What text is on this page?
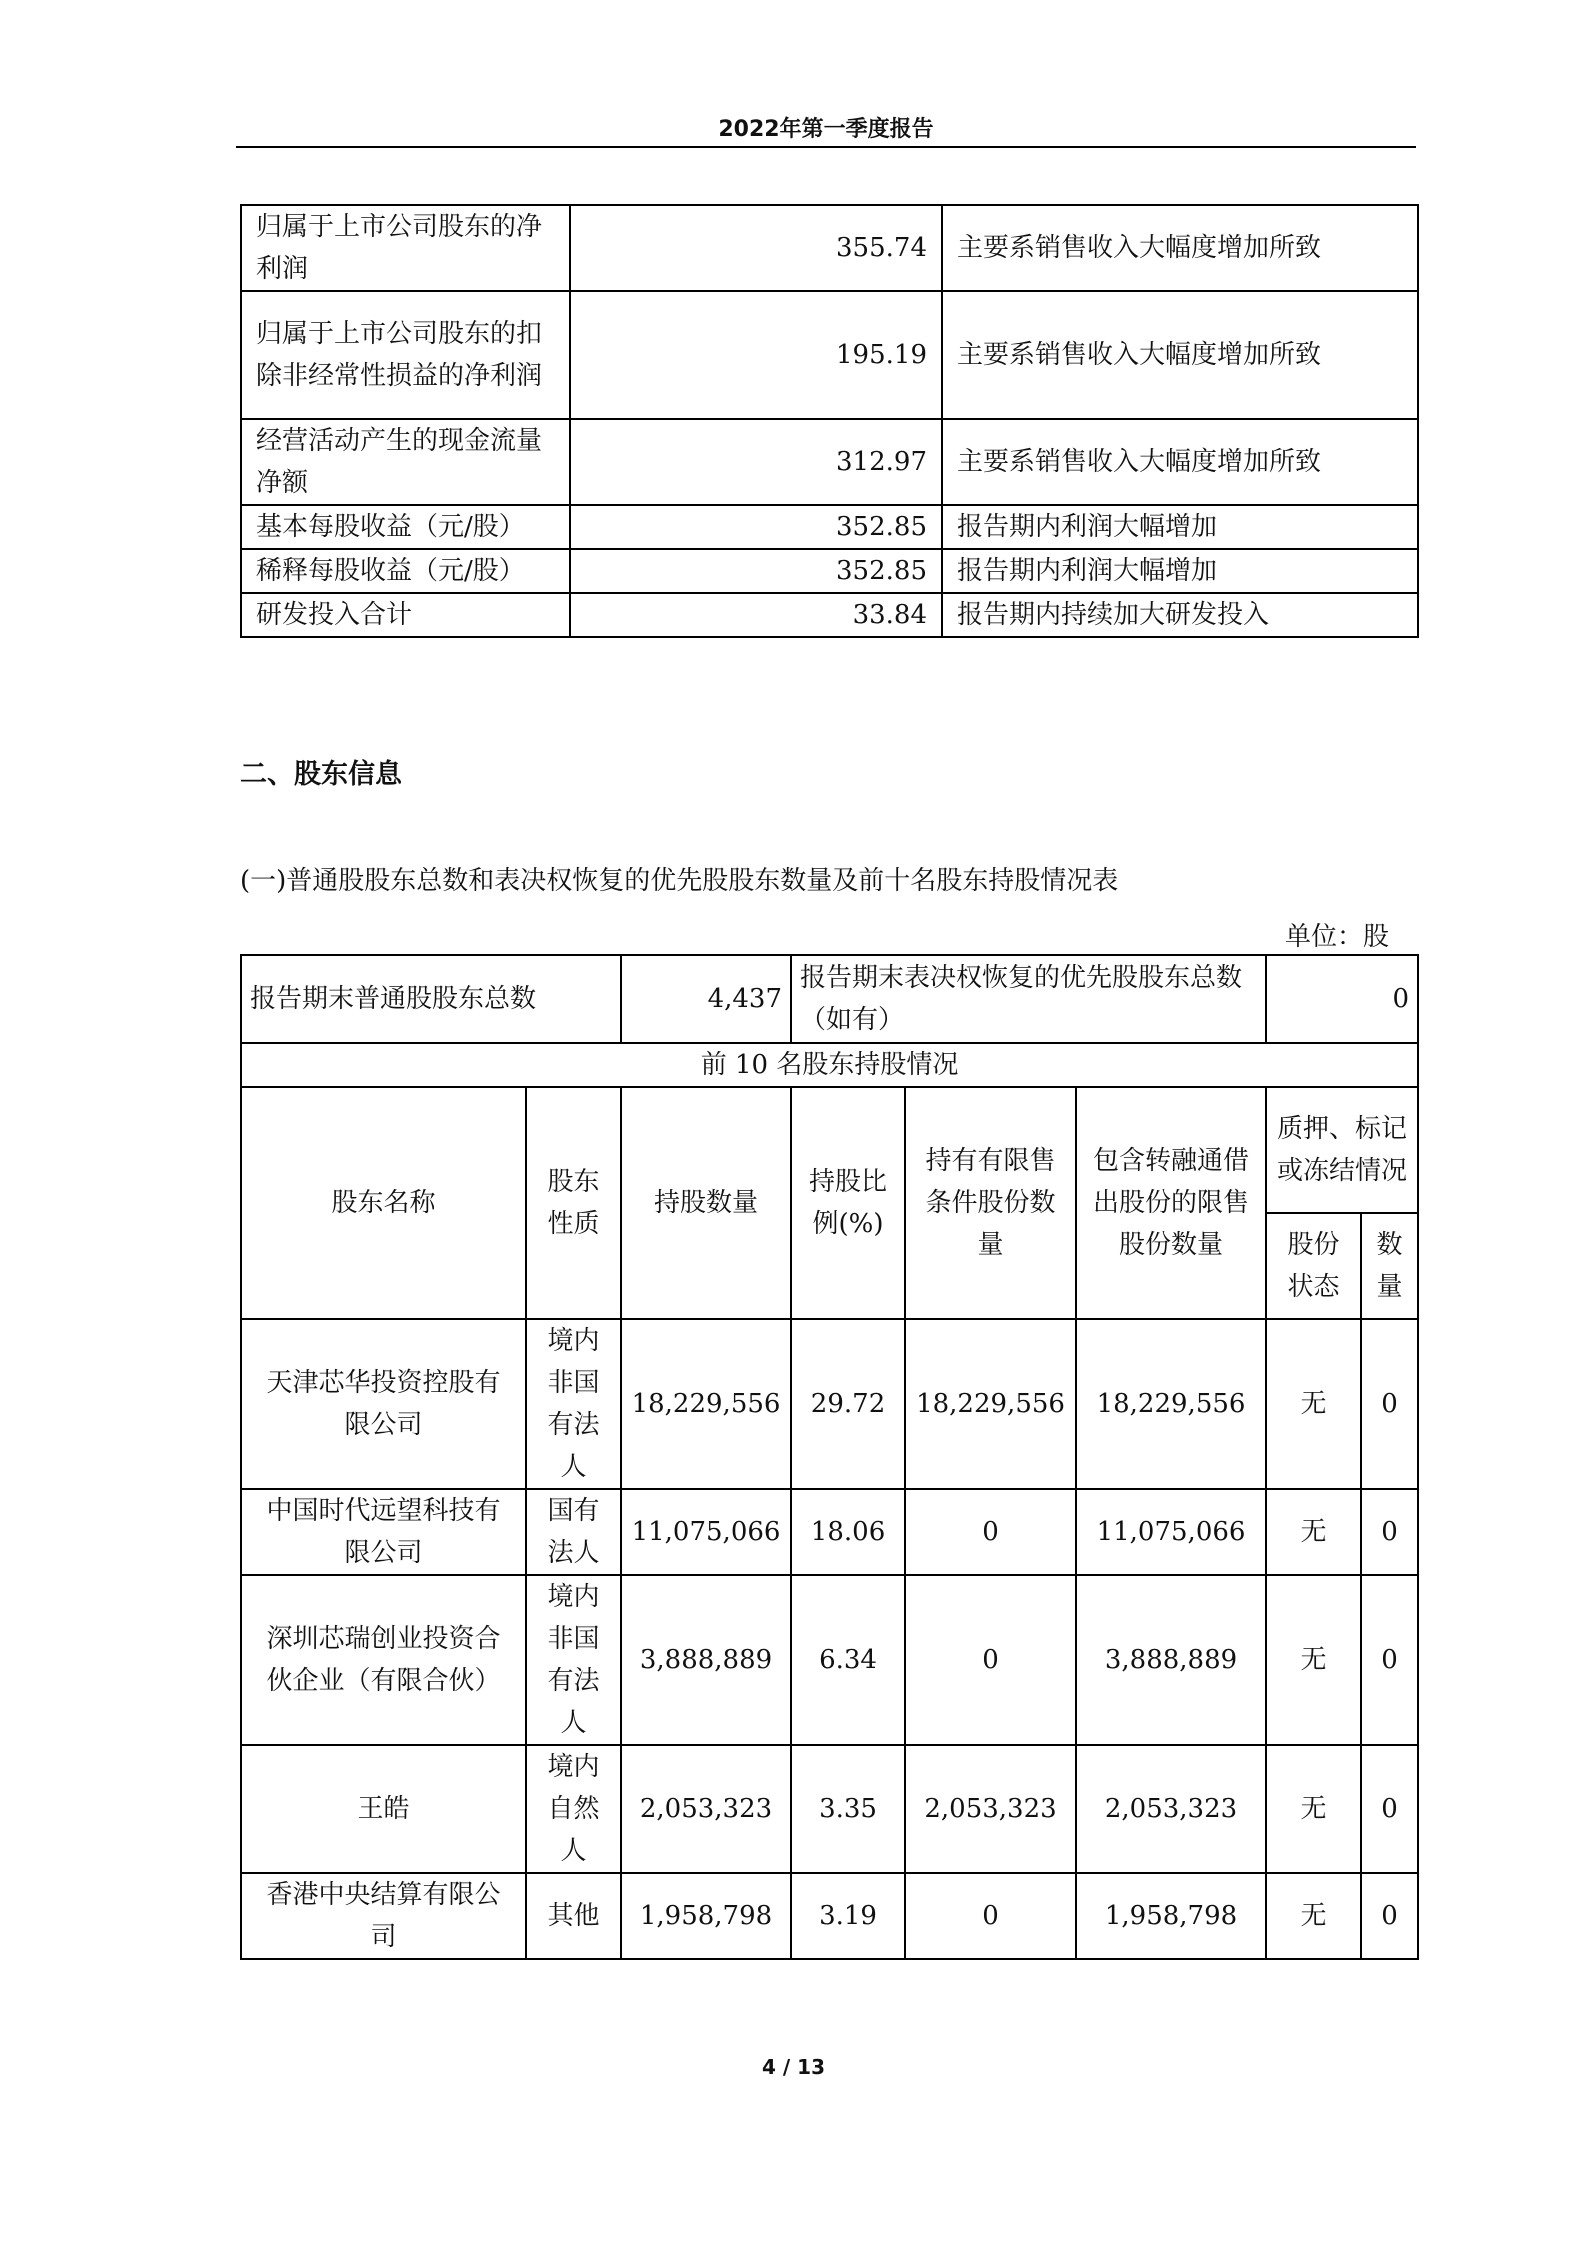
2022年第一季度报告
归属于上市公司股东的净利润	355.74	主要系销售收入大幅度增加所致
归属于上市公司股东的扣除非经常性损益的净利润	195.19	主要系销售收入大幅度增加所致
经营活动产生的现金流量净额	312.97	主要系销售收入大幅度增加所致
基本每股收益（元/股）	352.85	报告期内利润大幅增加
稀释每股收益（元/股）	352.85	报告期内利润大幅增加
研发投入合计	33.84	报告期内持续加大研发投入
二、股东信息
(一)普通股股东总数和表决权恢复的优先股股东数量及前十名股东持股情况表
单位：股
报告期末普通股股东总数		4,437	报告期末表决权恢复的优先股股东总数（如有）			0	
前 10 名股东持股情况							
股东名称	股东性质	持股数量	持股比例(%)	持有有限售条件股份数量	包含转融通借出股份的限售股份数量	质押、标记或冻结情况	
						股份状态	数量
天津芯华投资控股有限公司	境内非国有法人	18,229,556	29.72	18,229,556	18,229,556	无	0
中国时代远望科技有限公司	国有法人	11,075,066	18.06	0	11,075,066	无	0
深圳芯瑞创业投资合伙企业（有限合伙）	境内非国有法人	3,888,889	6.34	0	3,888,889	无	0
王皓	境内自然人	2,053,323	3.35	2,053,323	2,053,323	无	0
香港中央结算有限公司	其他	1,958,798	3.19	0	1,958,798	无	0
4 / 13
